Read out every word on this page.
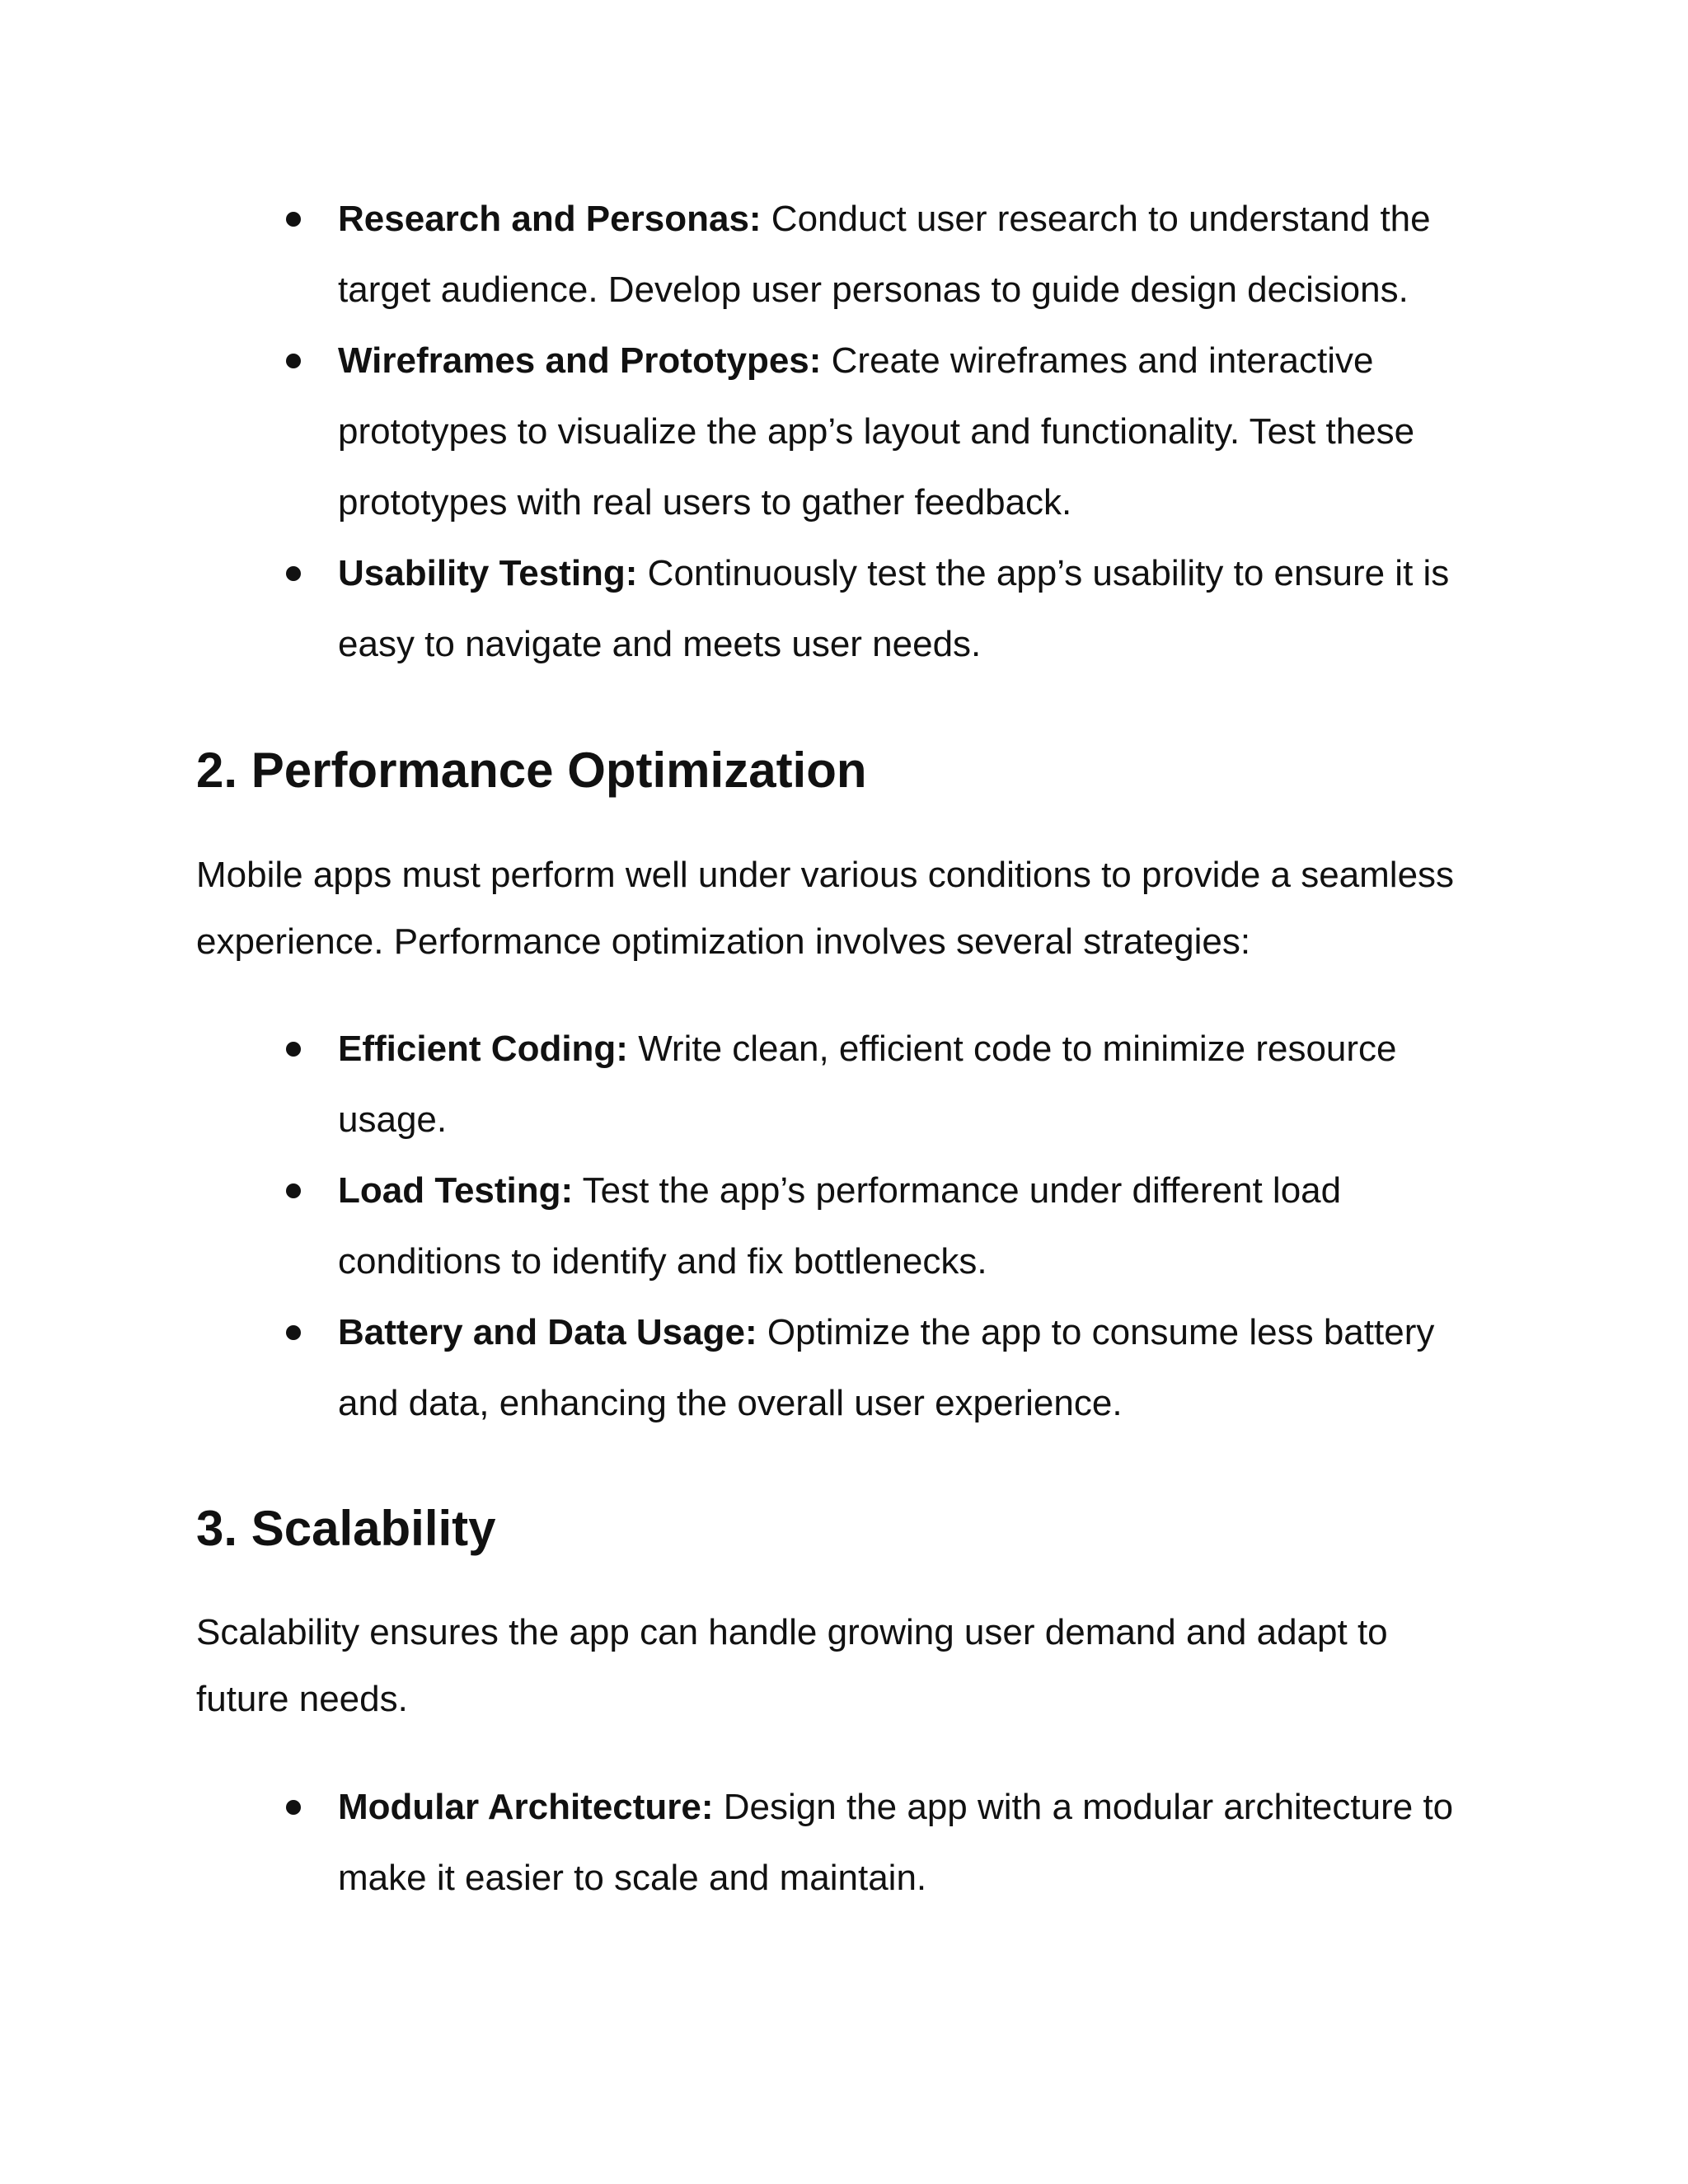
Research and Personas: Conduct user research to understand the target audience. Develop user personas to guide design decisions.
Wireframes and Prototypes: Create wireframes and interactive prototypes to visualize the app’s layout and functionality. Test these prototypes with real users to gather feedback.
Usability Testing: Continuously test the app’s usability to ensure it is easy to navigate and meets user needs.
2. Performance Optimization

Mobile apps must perform well under various conditions to provide a seamless experience. Performance optimization involves several strategies:

Efficient Coding: Write clean, efficient code to minimize resource usage.
Load Testing: Test the app’s performance under different load conditions to identify and fix bottlenecks.
Battery and Data Usage: Optimize the app to consume less battery and data, enhancing the overall user experience.
3. Scalability

Scalability ensures the app can handle growing user demand and adapt to future needs.

Modular Architecture: Design the app with a modular architecture to make it easier to scale and maintain.
